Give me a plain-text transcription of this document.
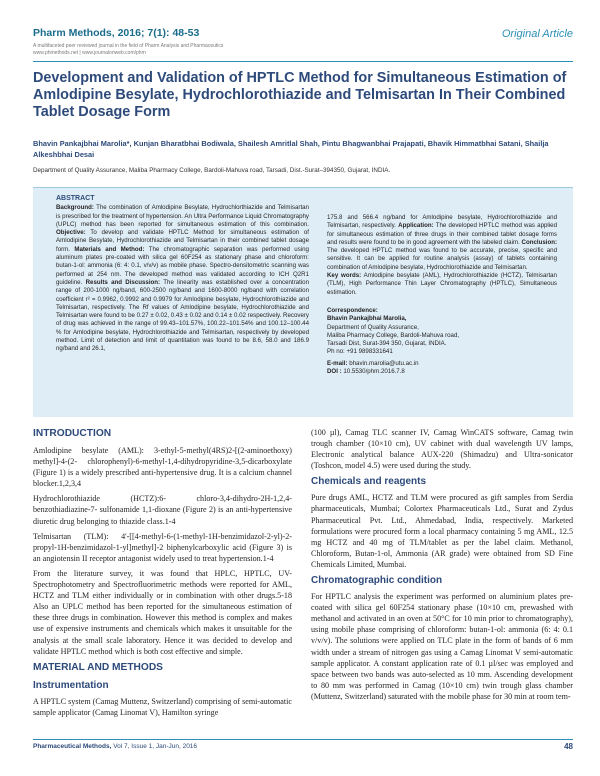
Pharm Methods, 2016; 7(1): 48-53
A multifaceted peer reviewed journal in the field of Pharm Analysis and Pharmaceutics
www.phmethods.net | www.journalonweb.com/phm
Original Article
Development and Validation of HPTLC Method for Simultaneous Estimation of Amlodipine Besylate, Hydrochlorothiazide and Telmisartan In Their Combined Tablet Dosage Form
Bhavin Pankajbhai Marolia*, Kunjan Bharatbhai Bodiwala, Shailesh Amritlal Shah, Pintu Bhagwanbhai Prajapati, Bhavik Himmatbhai Satani, Shailja Alkeshbhai Desai
Department of Quality Assurance, Maliba Pharmacy College, Bardoli-Mahuva road, Tarsadi, Dist.-Surat–394350, Gujarat, INDIA.
ABSTRACT

Background: The combination of Amlodipine Besylate, Hydrochlorthiazide and Telmisartan is prescribed for the treatment of hypertension. An Ultra Performance Liquid Chromatography (UPLC) method has been reported for simultaneous estimation of this combination. Objective: To develop and validate HPTLC Method for simultaneous estimation of Amlodipine Besylate, Hydrochlorothiazide and Telmisartan in their combined tablet dosage form. Materials and Method: The chromatographic separation was performed using aluminum plates pre-coated with silica gel 60F254 as stationary phase and chloroform: butan-1-ol: ammonia (6: 4: 0.1, v/v/v) as mobile phase. Spectro-densitometric scanning was performed at 254 nm. The developed method was validated according to ICH Q2R1 guideline. Results and Discussion: The linearity was established over a concentration range of 200-1000 ng/band, 600-2500 ng/band and 1600-8000 ng/band with correlation coefficient r² = 0.9962, 0.9992 and 0.9979 for Amlodipine besylate, Hydrochlorothiazide and Telmisartan, respectively. The Rf values of Amlodipine besylate, Hydrochlorothiazide and Telmisartan were found to be 0.27 ± 0.02, 0.43 ± 0.02 and 0.14 ± 0.02 respectively. Recovery of drug was achieved in the range of 99.43–101.57%, 100.22–101.54% and 100.12–100.44 % for Amlodipine besylate, Hydrochlorothiazide and Telmisartan, respectively by developed method. Limit of detection and limit of quantitation was found to be 8.6, 58.0 and 186.9 ng/band and 26.1,

175.8 and 566.4 ng/band for Amlodipine besylate, Hydrochlorothiazide and Telmisartan, respectively. Application: The developed HPTLC method was applied for simultaneous estimation of three drugs in their combined tablet dosage forms and results were found to be in good agreement with the labeled claim. Conclusion: The developed HPTLC method was found to be accurate, precise, specific and sensitive. It can be applied for routine analysis (assay) of tablets containing combination of Amlodipine besylate, Hydrochlorothiazide and Telmisartan.

Key words: Amlodipine besylate (AML), Hydrochlorothiazide (HCTZ), Telmisartan (TLM), High Performance Thin Layer Chromatography (HPTLC), Simultaneous estimation.

Correspondence:
Bhavin Pankajbhai Marolia,
Department of Quality Assurance,
Maliba Pharmacy College, Bardoli-Mahuva road,
Tarsadi Dist, Surat-394 350, Gujarat, INDIA.
Ph no: +91 9898331641
E-mail: bhavin.marolia@utu.ac.in
DOI : 10.5530/phm.2016.7.8
INTRODUCTION

Amlodipine besylate (AML): 3-ethyl-5-methyl(4RS)2-[(2-aminoethoxy) methyl]-4-(2- chlorophenyl)-6-methyl-1,4-dihydropyridine-3,5-dicarboxylate (Figure 1) is a widely prescribed anti-hypertensive drug. It is a calcium channel blocker.1,2,3,4

Hydrochlorothiazide (HCTZ):6- chloro-3,4-dihydro-2H-1,2,4-benzothiadiazine-7- sulfonamide 1,1-dioxane (Figure 2) is an anti-hypertensive diuretic drug belonging to thiazide class.1-4

Telmisartan (TLM): 4'-[[4-methyl-6-(1-methyl-1H-benzimidazol-2-yl)-2-propyl-1H-benzimidazol-1-yl]methyl]-2 biphenylcarboxylic acid (Figure 3) is an angiotensin II receptor antagonist widely used to treat hypertension.1-4

From the literature survey, it was found that HPLC, HPTLC, UV-Spectrophotometry and Spectrofluorimetric methods were reported for AML, HCTZ and TLM either individually or in combination with other drugs.5-18 Also an UPLC method has been reported for the simultaneous estimation of these three drugs in combination. However this method is complex and makes use of expensive instruments and chemicals which makes it unsuitable for the analysis at the small scale laboratory. Hence it was decided to develop and validate HPTLC method which is both cost effective and simple.

MATERIAL AND METHODS
Instrumentation

A HPTLC system (Camag Muttenz, Switzerland) comprising of semi-automatic sample applicator (Camag Linomat V), Hamilton syringe

(100 µl), Camag TLC scanner IV, Camag WinCATS software, Camag twin trough chamber (10×10 cm), UV cabinet with dual wavelength UV lamps, Electronic analytical balance AUX-220 (Shimadzu) and Ultra-sonicator (Toshcon, model 4.5) were used during the study.

Chemicals and reagents

Pure drugs AML, HCTZ and TLM were procured as gift samples from Serdia pharmaceuticals, Mumbai; Colortex Pharmaceuticals Ltd., Surat and Zydus Pharmaceutical Pvt. Ltd., Ahmedabad, India, respectively. Marketed formulations were procured form a local pharmacy containing 5 mg AML, 12.5 mg HCTZ and 40 mg of TLM/tablet as per the label claim. Methanol, Chloroform, Butan-1-ol, Ammonia (AR grade) were obtained from SD Fine Chemicals Limited, Mumbai.

Chromatographic condition

For HPTLC analysis the experiment was performed on aluminium plates pre-coated with silica gel 60F254 stationary phase (10×10 cm, prewashed with methanol and activated in an oven at 50°C for 10 min prior to chromatography), using mobile phase comprising of chloroform: butan-1-ol: ammonia (6: 4: 0.1 v/v/v). The solutions were applied on TLC plate in the form of bands of 6 mm width under a stream of nitrogen gas using a Camag Linomat V semi-automatic sample applicator. A constant application rate of 0.1 µl/sec was employed and space between two bands was auto-selected as 10 mm. Ascending development to 80 mm was performed in Camag (10×10 cm) twin trough glass chamber (Muttenz, Switzerland) saturated with the mobile phase for 30 min at room tem-

Pharmaceutical Methods, Vol 7, Issue 1, Jan-Jun, 2016	48
